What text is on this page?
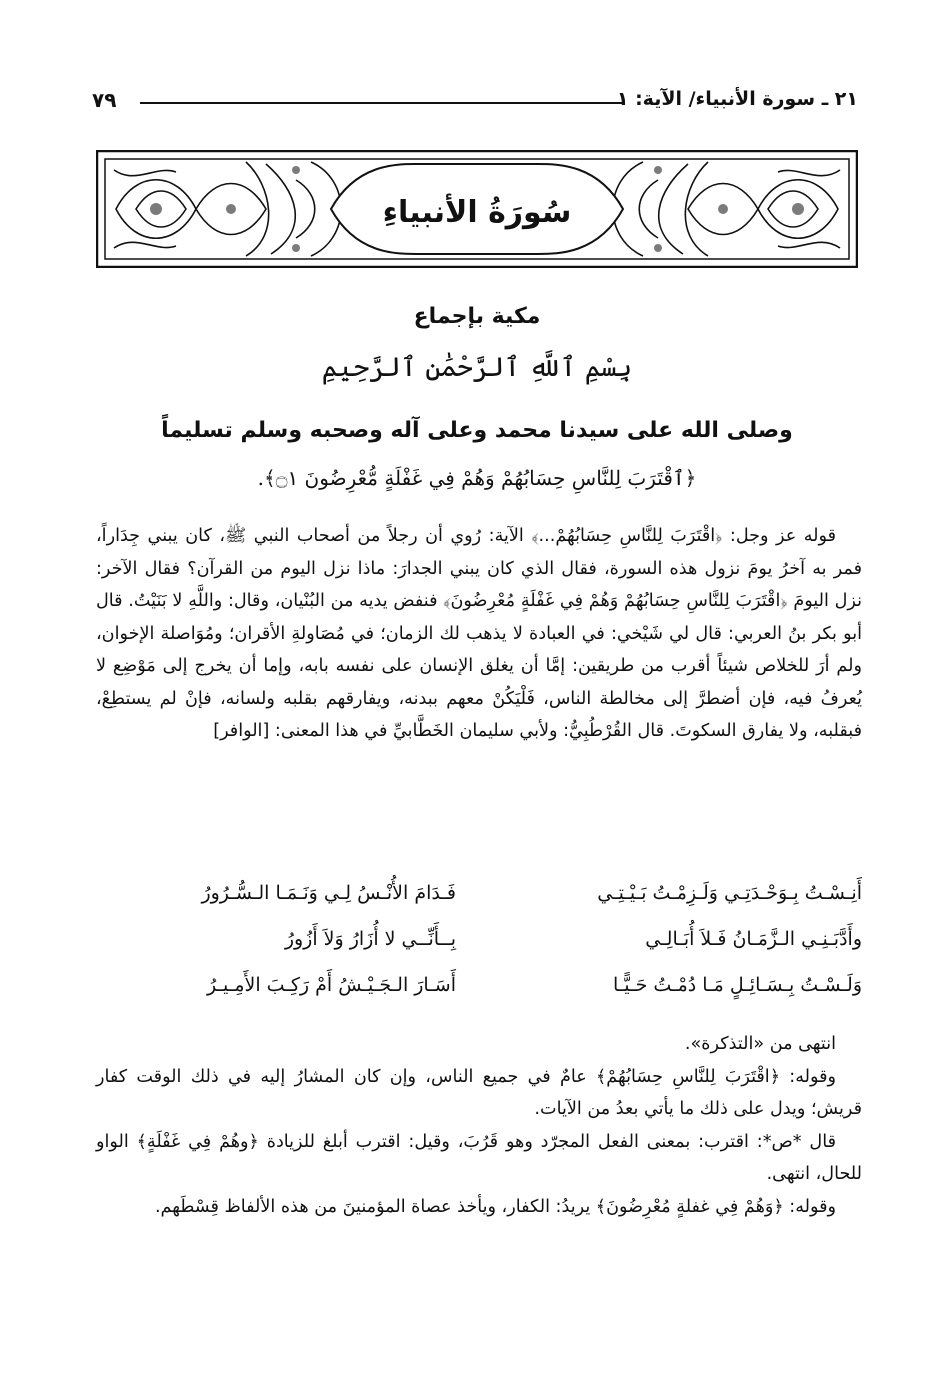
٢١ ـ سورة الأنبياء/ الآية: ١
٧٩
سُورَةُ الأنبياءِ
مكية بإجماع
بِسْمِ ٱللَّهِ ٱلرَّحْمَٰنِ ٱلرَّحِيمِ
وصلى الله على سيدنا محمد وعلى آله وصحبه وسلم تسليماً
﴿ٱقْتَرَبَ لِلنَّاسِ حِسَابُهُمْ وَهُمْ فِي غَفْلَةٍ مُّعْرِضُونَ ۝١﴾.

قوله عز وجل: ﴿اقْتَرَبَ لِلنَّاسِ حِسَابُهُمْ...﴾ الآية: رُوي أن رجلاً من أصحاب النبي ﷺ، كان يبني جِدَاراً، فمر به آخرُ يومَ نزول هذه السورة، فقال الذي كان يبني الجدارَ: ماذا نزل اليوم من القرآن؟ فقال الآخر: نزل اليومَ ﴿اقْتَرَبَ لِلنَّاسِ حِسَابُهُمْ وَهُمْ فِي غَفْلَةٍ مُعْرِضُونَ﴾ فنفض يديه من البُنْيان، وقال: واللَّهِ لا بَنَيْتُ. قال أبو بكر بنُ العربي: قال لي شَيْخي: في العبادة لا يذهب لك الزمان؛ في مُصَاولةِ الأقران؛ ومُوَاصلة الإخوان، ولم أرَ للخلاص شيئاً أقرب من طريقين: إمَّا أن يغلق الإنسان على نفسه بابه، وإما أن يخرج إلى مَوْضِع لا يُعرفُ فيه، فإن أضطرَّ إلى مخالطة الناس، فَلْيَكُنْ معهم ببدنه، ويفارقهم بقلبه ولسانه، فإنْ لم يستطِعْ، فبقلبه، ولا يفارق السكوتَ. قال القُرْطُبِيُّ: ولأبي سليمان الخَطَّابيِّ في هذا المعنى: [الوافر]

أَنِـسْـتُ بِـوَحْـدَتِـي وَلَـزِمْـتُ بَـيْـتِـي
فَـدَامَ الأُنْـسُ لِـي وَنَـمَـا الـسُّـرُورُ
وأَدَّبَـنِـي الـزَّمَـانُ فَـلاَ أُبَـالِـي
بِــأَنِّــي لا أُزَارُ وَلاَ أَزُورُ
وَلَـسْـتُ بِـسَـائِـلٍ مَـا دُمْـتُ حَـيًّـا
أَسَـارَ الـجَـيْـشُ أَمْ رَكِـبَ الأَمِـيـرُ

انتهى من «التذكرة».

وقوله: ﴿اقْتَرَبَ لِلنَّاسِ حِسَابُهُمْ﴾ عامٌ في جميع الناس، وإن كان المشارُ إليه في ذلك الوقت كفار قريش؛ ويدل على ذلك ما يأتي بعدُ من الآيات.

قال *ص*: اقترب: بمعنى الفعل المجرّد وهو قَرُبَ، وقيل: اقترب أبلغ للزيادة ﴿وهُمْ فِي غَفْلَةٍ﴾ الواو للحال، انتهى.

وقوله: ﴿وَهُمْ فِي غفلةٍ مُعْرِضُونَ﴾ يريدُ: الكفار، ويأخذ عصاة المؤمنينَ من هذه الألفاظ قِسْطَهم.
